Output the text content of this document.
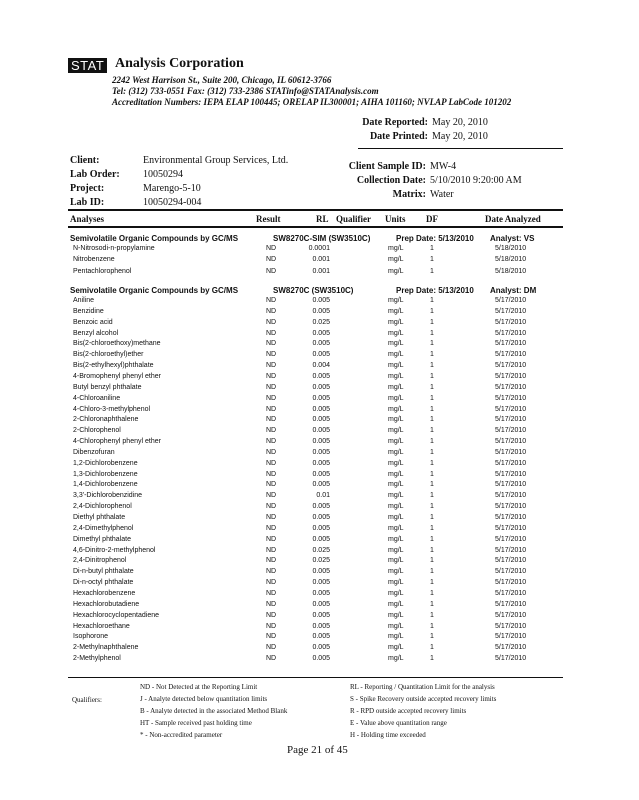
STAT Analysis Corporation
2242 West Harrison St., Suite 200, Chicago, IL 60612-3766
Tel: (312) 733-0551 Fax: (312) 733-2386 STATinfo@STATAnalysis.com
Accreditation Numbers: IEPA ELAP 100445; ORELAP IL300001; AIHA 101160; NVLAP LabCode 101202
Date Reported: May 20, 2010
Date Printed: May 20, 2010
Client:	Environmental Group Services, Ltd.
Lab Order: 10050294
Project:	Marengo-5-10
Lab ID:	10050294-004
Client Sample ID: MW-4
Collection Date: 5/10/2010 9:20:00 AM
Matrix: Water
Analyses	Result	RL Qualifier Units DF	Date Analyzed
Semivolatile Organic Compounds by GC/MS	SW8270C-SIM (SW3510C)	Prep Date: 5/13/2010 Analyst: VS
N-Nitrosodi-n-propylamine	ND	0.0001	mg/L	1	5/18/2010
Nitrobenzene	ND	0.001	mg/L	1	5/18/2010
Pentachlorophenol	ND	0.001	mg/L	1	5/18/2010
Semivolatile Organic Compounds by GC/MS	SW8270C (SW3510C)	Prep Date: 5/13/2010 Analyst: DM
Aniline	ND	0.005	mg/L	1	5/17/2010
Benzidine	ND	0.005	mg/L	1	5/17/2010
Benzoic acid	ND	0.025	mg/L	1	5/17/2010
Benzyl alcohol	ND	0.005	mg/L	1	5/17/2010
Bis(2-chloroethoxy)methane	ND	0.005	mg/L	1	5/17/2010
Bis(2-chloroethyl)ether	ND	0.005	mg/L	1	5/17/2010
Bis(2-ethylhexyl)phthalate	ND	0.004	mg/L	1	5/17/2010
4-Bromophenyl phenyl ether	ND	0.005	mg/L	1	5/17/2010
Butyl benzyl phthalate	ND	0.005	mg/L	1	5/17/2010
4-Chloroaniline	ND	0.005	mg/L	1	5/17/2010
4-Chloro-3-methylphenol	ND	0.005	mg/L	1	5/17/2010
2-Chloronaphthalene	ND	0.005	mg/L	1	5/17/2010
2-Chlorophenol	ND	0.005	mg/L	1	5/17/2010
4-Chlorophenyl phenyl ether	ND	0.005	mg/L	1	5/17/2010
Dibenzofuran	ND	0.005	mg/L	1	5/17/2010
1,2-Dichlorobenzene	ND	0.005	mg/L	1	5/17/2010
1,3-Dichlorobenzene	ND	0.005	mg/L	1	5/17/2010
1,4-Dichlorobenzene	ND	0.005	mg/L	1	5/17/2010
3,3'-Dichlorobenzidine	ND	0.01	mg/L	1	5/17/2010
2,4-Dichlorophenol	ND	0.005	mg/L	1	5/17/2010
Diethyl phthalate	ND	0.005	mg/L	1	5/17/2010
2,4-Dimethylphenol	ND	0.005	mg/L	1	5/17/2010
Dimethyl phthalate	ND	0.005	mg/L	1	5/17/2010
4,6-Dinitro-2-methylphenol	ND	0.025	mg/L	1	5/17/2010
2,4-Dinitrophenol	ND	0.025	mg/L	1	5/17/2010
Di-n-butyl phthalate	ND	0.005	mg/L	1	5/17/2010
Di-n-octyl phthalate	ND	0.005	mg/L	1	5/17/2010
Hexachlorobenzene	ND	0.005	mg/L	1	5/17/2010
Hexachlorobutadiene	ND	0.005	mg/L	1	5/17/2010
Hexachlorocyclopentadiene	ND	0.005	mg/L	1	5/17/2010
Hexachloroethane	ND	0.005	mg/L	1	5/17/2010
Isophorone	ND	0.005	mg/L	1	5/17/2010
2-Methylnaphthalene	ND	0.005	mg/L	1	5/17/2010
2-Methylphenol	ND	0.005	mg/L	1	5/17/2010
Qualifiers:
ND - Not Detected at the Reporting Limit
J - Analyte detected below quantitation limits
B - Analyte detected in the associated Method Blank
HT - Sample received past holding time
* - Non-accredited parameter
RL - Reporting / Quantitation Limit for the analysis
S - Spike Recovery outside accepted recovery limits
R - RPD outside accepted recovery limits
E - Value above quantitation range
H - Holding time exceeded
Page 21 of 45
